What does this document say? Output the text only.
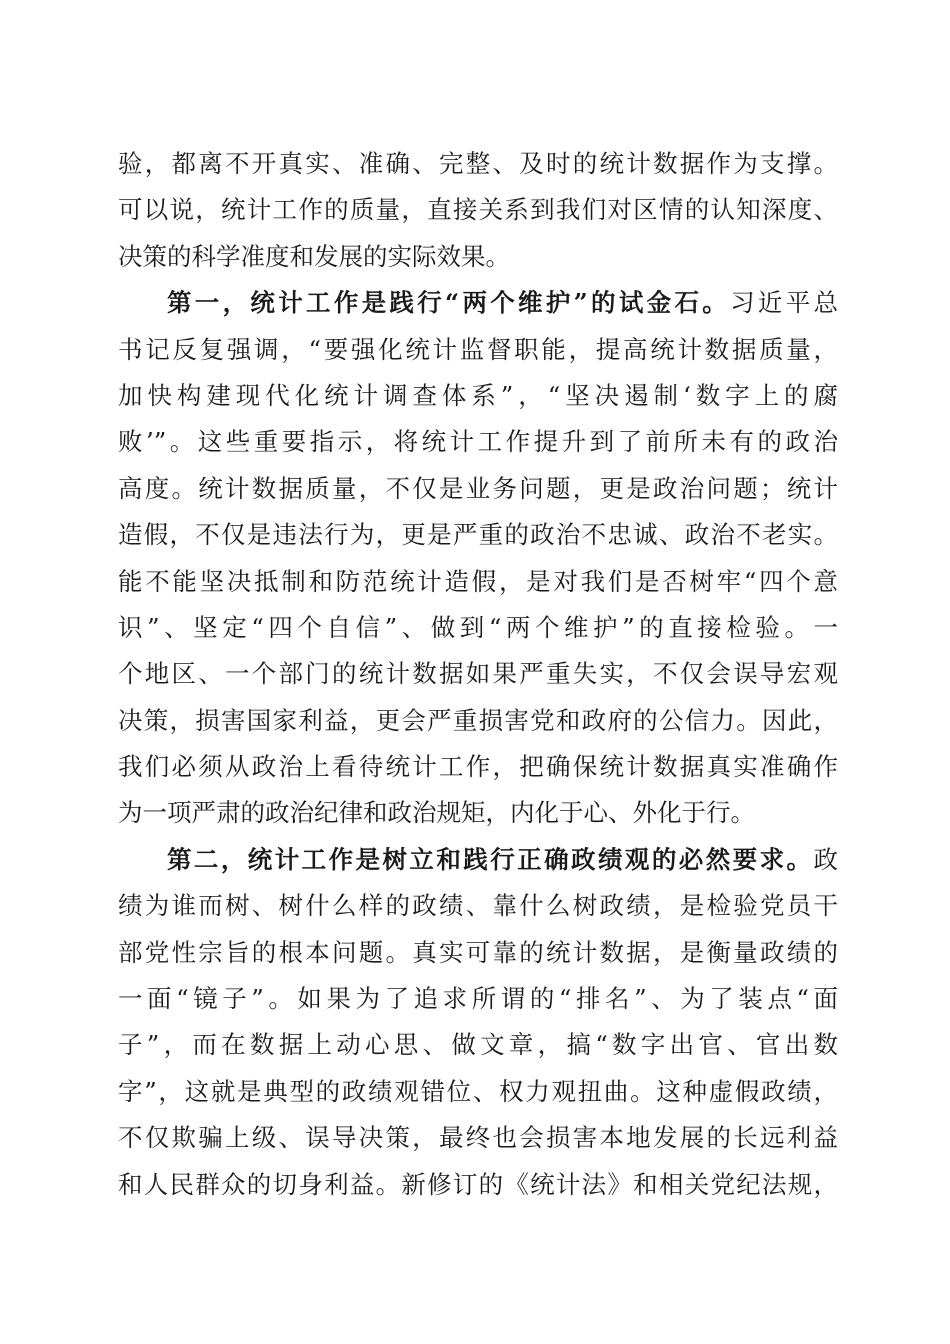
验，都离不开真实、准确、完整、及时的统计数据作为支撑。
可以说，统计工作的质量，直接关系到我们对区情的认知深度、
决策的科学准度和发展的实际效果。
第一，统计工作是践行“两个维护”的试金石。习近平总
书记反复强调，“要强化统计监督职能，提高统计数据质量，
加快构建现代化统计调查体系”，“坚决遏制‘数字上的腐
败’”。这些重要指示，将统计工作提升到了前所未有的政治
高度。统计数据质量，不仅是业务问题，更是政治问题；统计
造假，不仅是违法行为，更是严重的政治不忠诚、政治不老实。
能不能坚决抵制和防范统计造假，是对我们是否树牢“四个意
识”、坚定“四个自信”、做到“两个维护”的直接检验。一
个地区、一个部门的统计数据如果严重失实，不仅会误导宏观
决策，损害国家利益，更会严重损害党和政府的公信力。因此，
我们必须从政治上看待统计工作，把确保统计数据真实准确作
为一项严肃的政治纪律和政治规矩，内化于心、外化于行。
第二，统计工作是树立和践行正确政绩观的必然要求。政
绩为谁而树、树什么样的政绩、靠什么树政绩，是检验党员干
部党性宗旨的根本问题。真实可靠的统计数据，是衡量政绩的
一面“镜子”。如果为了追求所谓的“排名”、为了装点“面
子”，而在数据上动心思、做文章，搞“数字出官、官出数
字”，这就是典型的政绩观错位、权力观扭曲。这种虚假政绩，
不仅欺骗上级、误导决策，最终也会损害本地发展的长远利益
和人民群众的切身利益。新修订的《统计法》和相关党纪法规，
